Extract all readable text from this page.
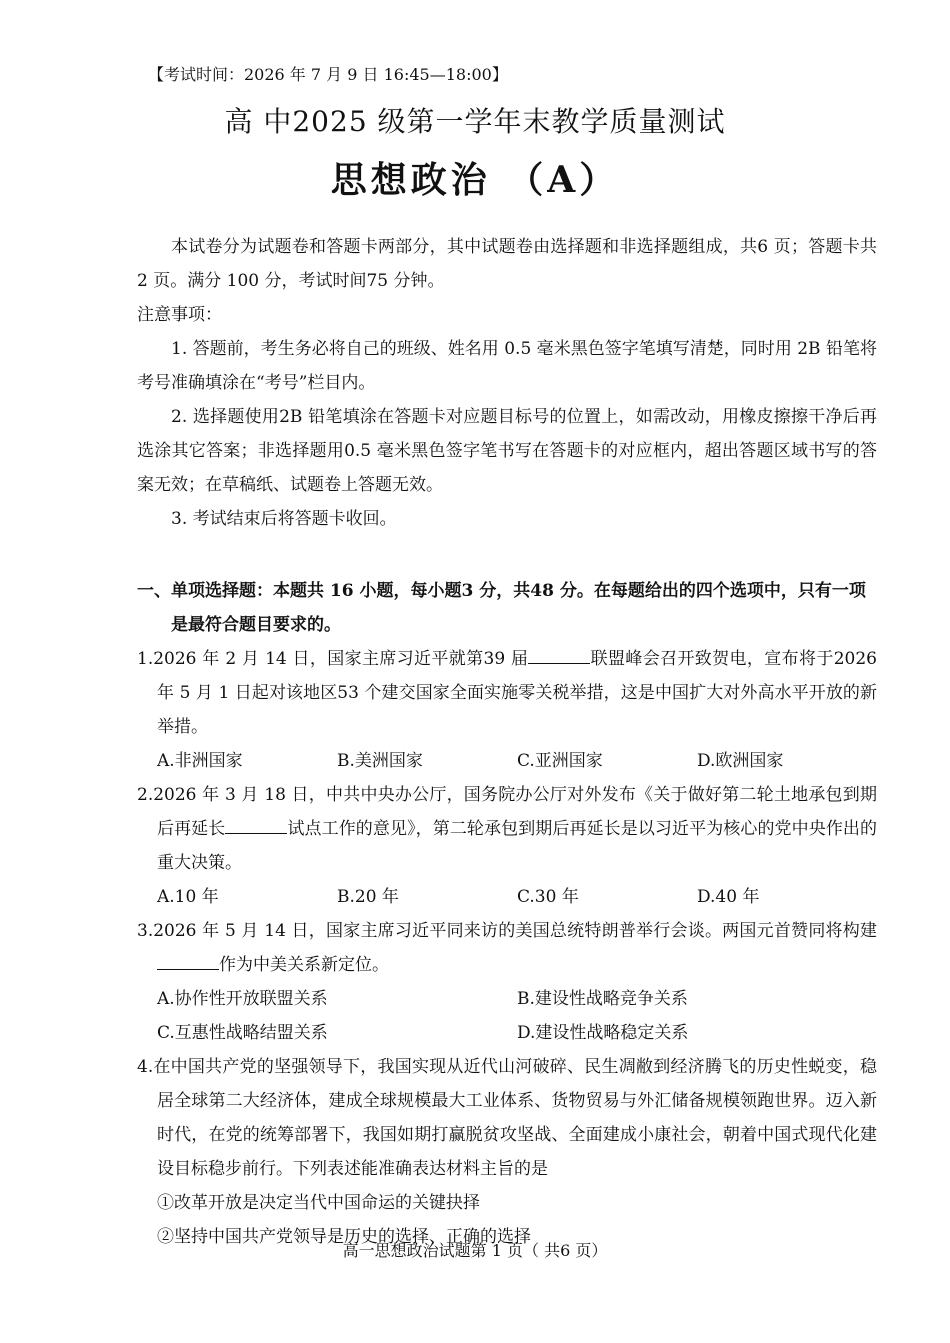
【考试时间：2026 年 7 月 9 日 16:45—18:00】
高 中2025 级第一学年末教学质量测试
思想政治 （A）
本试卷分为试题卷和答题卡两部分，其中试题卷由选择题和非选择题组成，共6 页；答题卡共2 页。满分 100 分，考试时间75 分钟。
注意事项：
1. 答题前，考生务必将自己的班级、姓名用 0.5 毫米黑色签字笔填写清楚，同时用 2B 铅笔将考号准确填涂在“考号”栏目内。
2. 选择题使用2B 铅笔填涂在答题卡对应题目标号的位置上，如需改动，用橡皮擦擦干净后再选涂其它答案；非选择题用0.5 毫米黑色签字笔书写在答题卡的对应框内，超出答题区域书写的答案无效；在草稿纸、试题卷上答题无效。
3. 考试结束后将答题卡收回。
一、单项选择题：本题共 16 小题，每小题3 分，共48 分。在每题给出的四个选项中，只有一项是最符合题目要求的。
1.2026 年 2 月 14 日，国家主席习近平就第39 届	联盟峰会召开致贺电，宣布将于2026 年 5 月 1 日起对该地区53 个建交国家全面实施零关税举措，这是中国扩大对外高水平开放的新举措。
A.非洲国家	B.美洲国家	C.亚洲国家	D.欧洲国家
2.2026 年 3 月 18 日，中共中央办公厅，国务院办公厅对外发布《关于做好第二轮土地承包到期后再延长	试点工作的意见》，第二轮承包到期后再延长是以习近平为核心的党中央作出的重大决策。
A.10 年	B.20 年	C.30 年	D.40 年
3.2026 年 5 月 14 日，国家主席习近平同来访的美国总统特朗普举行会谈。两国元首赞同将构建作为中美关系新定位。
A.协作性开放联盟关系	B.建设性战略竞争关系
C.互惠性战略结盟关系	D.建设性战略稳定关系
4.在中国共产党的坚强领导下，我国实现从近代山河破碎、民生凋敝到经济腾飞的历史性蜕变，稳居全球第二大经济体，建成全球规模最大工业体系、货物贸易与外汇储备规模领跑世界。迈入新时代，在党的统筹部署下，我国如期打赢脱贫攻坚战、全面建成小康社会，朝着中国式现代化建设目标稳步前行。下列表述能准确表达材料主旨的是
①改革开放是决定当代中国命运的关键抉择
②坚持中国共产党领导是历史的选择、正确的选择
高一思想政治试题第 1 页（ 共6 页）
